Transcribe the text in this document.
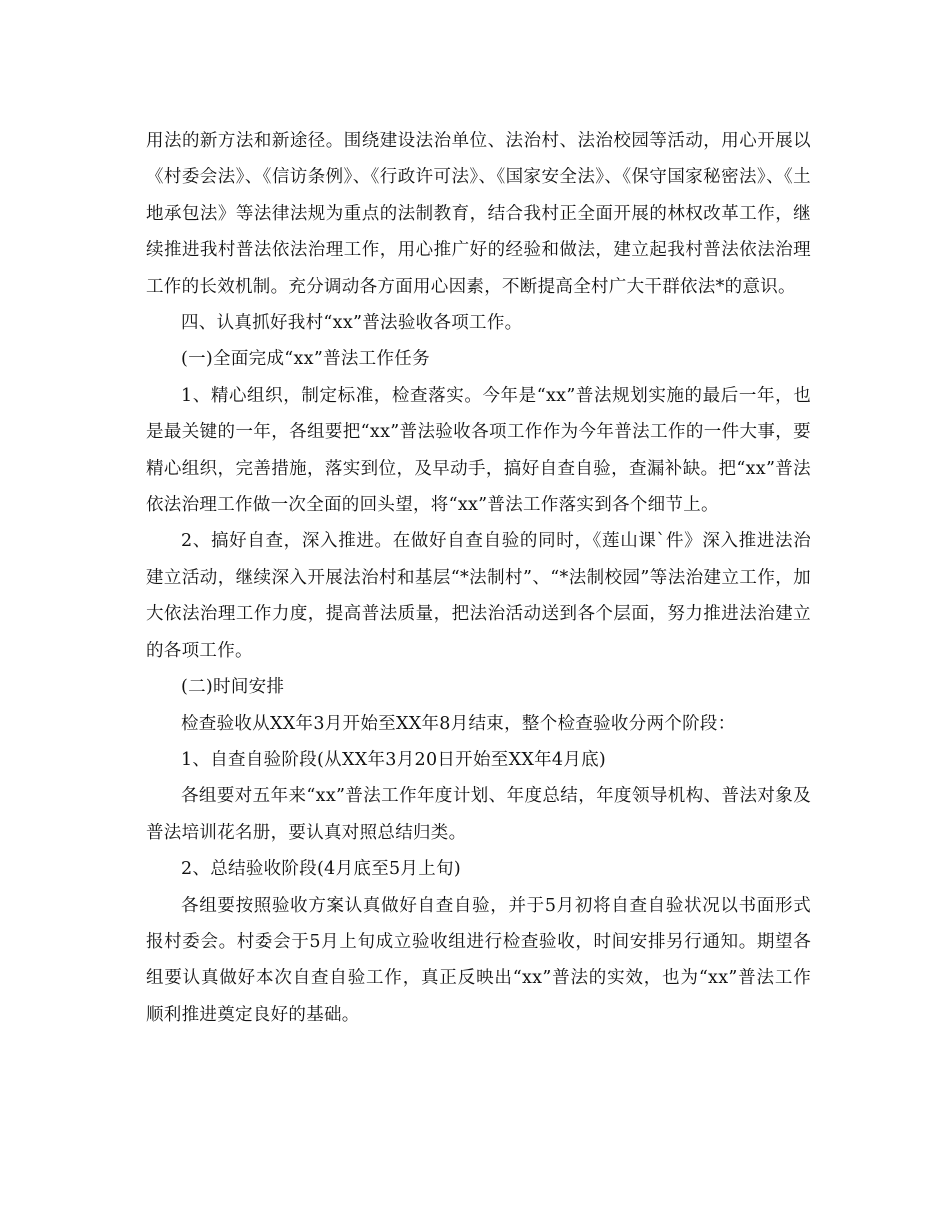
用法的新方法和新途径。围绕建设法治单位、法治村、法治校园等活动，用心开展以《村委会法》、《信访条例》、《行政许可法》、《国家安全法》、《保守国家秘密法》、《土地承包法》等法律法规为重点的法制教育，结合我村正全面开展的林权改革工作，继续推进我村普法依法治理工作，用心推广好的经验和做法，建立起我村普法依法治理工作的长效机制。充分调动各方面用心因素，不断提高全村广大干群依法*的意识。

四、认真抓好我村“xx”普法验收各项工作。

(一)全面完成“xx”普法工作任务

1、精心组织，制定标准，检查落实。今年是“xx”普法规划实施的最后一年，也是最关键的一年，各组要把“xx”普法验收各项工作作为今年普法工作的一件大事，要精心组织，完善措施，落实到位，及早动手，搞好自查自验，查漏补缺。把“xx”普法依法治理工作做一次全面的回头望，将“xx”普法工作落实到各个细节上。

2、搞好自查，深入推进。在做好自查自验的同时，《莲山课`件》深入推进法治建立活动，继续深入开展法治村和基层“*法制村”、“*法制校园”等法治建立工作，加大依法治理工作力度，提高普法质量，把法治活动送到各个层面，努力推进法治建立的各项工作。

(二)时间安排

检查验收从XX年3月开始至XX年8月结束，整个检查验收分两个阶段：

1、自查自验阶段(从XX年3月20日开始至XX年4月底)

各组要对五年来“xx”普法工作年度计划、年度总结，年度领导机构、普法对象及普法培训花名册，要认真对照总结归类。

2、总结验收阶段(4月底至5月上旬)

各组要按照验收方案认真做好自查自验，并于5月初将自查自验状况以书面形式报村委会。村委会于5月上旬成立验收组进行检查验收，时间安排另行通知。期望各组要认真做好本次自查自验工作，真正反映出“xx”普法的实效，也为“xx”普法工作顺利推进奠定良好的基础。
